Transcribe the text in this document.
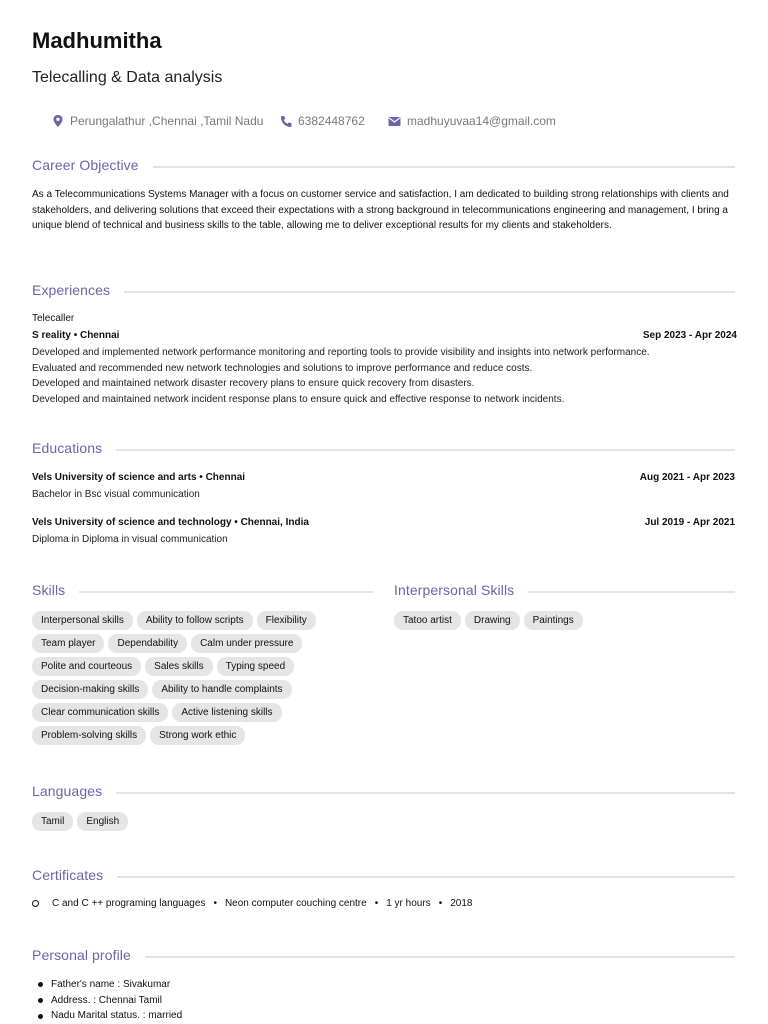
Madhumitha
Telecalling & Data analysis
Perungalathur ,Chennai ,Tamil Nadu	6382448762	madhuyuvaa14@gmail.com
Career Objective
As a Telecommunications Systems Manager with a focus on customer service and satisfaction, I am dedicated to building strong relationships with clients and stakeholders, and delivering solutions that exceed their expectations with a strong background in telecommunications engineering and management, I bring a unique blend of technical and business skills to the table, allowing me to deliver exceptional results for my clients and stakeholders.
Experiences
Telecaller
S reality • Chennai	Sep 2023 - Apr 2024
Developed and implemented network performance monitoring and reporting tools to provide visibility and insights into network performance.
Evaluated and recommended new network technologies and solutions to improve performance and reduce costs.
Developed and maintained network disaster recovery plans to ensure quick recovery from disasters.
Developed and maintained network incident response plans to ensure quick and effective response to network incidents.
Educations
Vels University of science and arts • Chennai	Aug 2021 - Apr 2023
Bachelor in Bsc visual communication
Vels University of science and technology • Chennai, India	Jul 2019 - Apr 2021
Diploma in Diploma in visual communication
Skills
Interpersonal skills	Ability to follow scripts	Flexibility
Team player	Dependability	Calm under pressure
Polite and courteous	Sales skills	Typing speed
Decision-making skills	Ability to handle complaints
Clear communication skills	Active listening skills
Problem-solving skills	Strong work ethic
Interpersonal Skills
Tatoo artist	Drawing	Paintings
Languages
Tamil	English
Certificates
C and C ++ programing languages • Neon computer couching centre • 1 yr hours • 2018
Personal profile
Father's name : Sivakumar
Address. : Chennai Tamil
Nadu Marital status. : married
